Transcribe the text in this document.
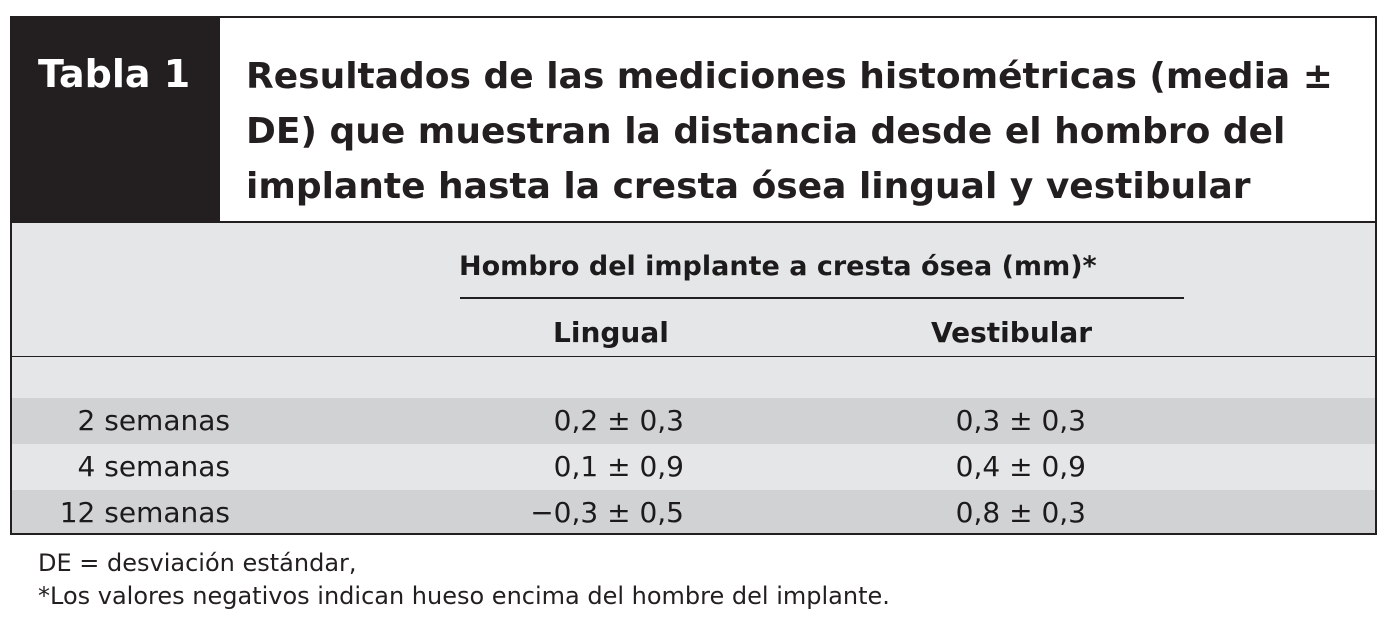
Tabla 1 Resultados de las mediciones histométricas (media ± DE) que muestran la distancia desde el hombro del implante hasta la cresta ósea lingual y vestibular
2 semanas	0,2 ± 0,3	0,3 ± 0,3
4 semanas	0,1 ± 0,9	0,4 ± 0,9
12 semanas	−0,3 ± 0,5	0,8 ± 0,3
Hombro del implante a cresta ósea (mm)*
Lingual	Vestibular
DE = desviación estándar,
*Los valores negativos indican hueso encima del hombre del implante.
